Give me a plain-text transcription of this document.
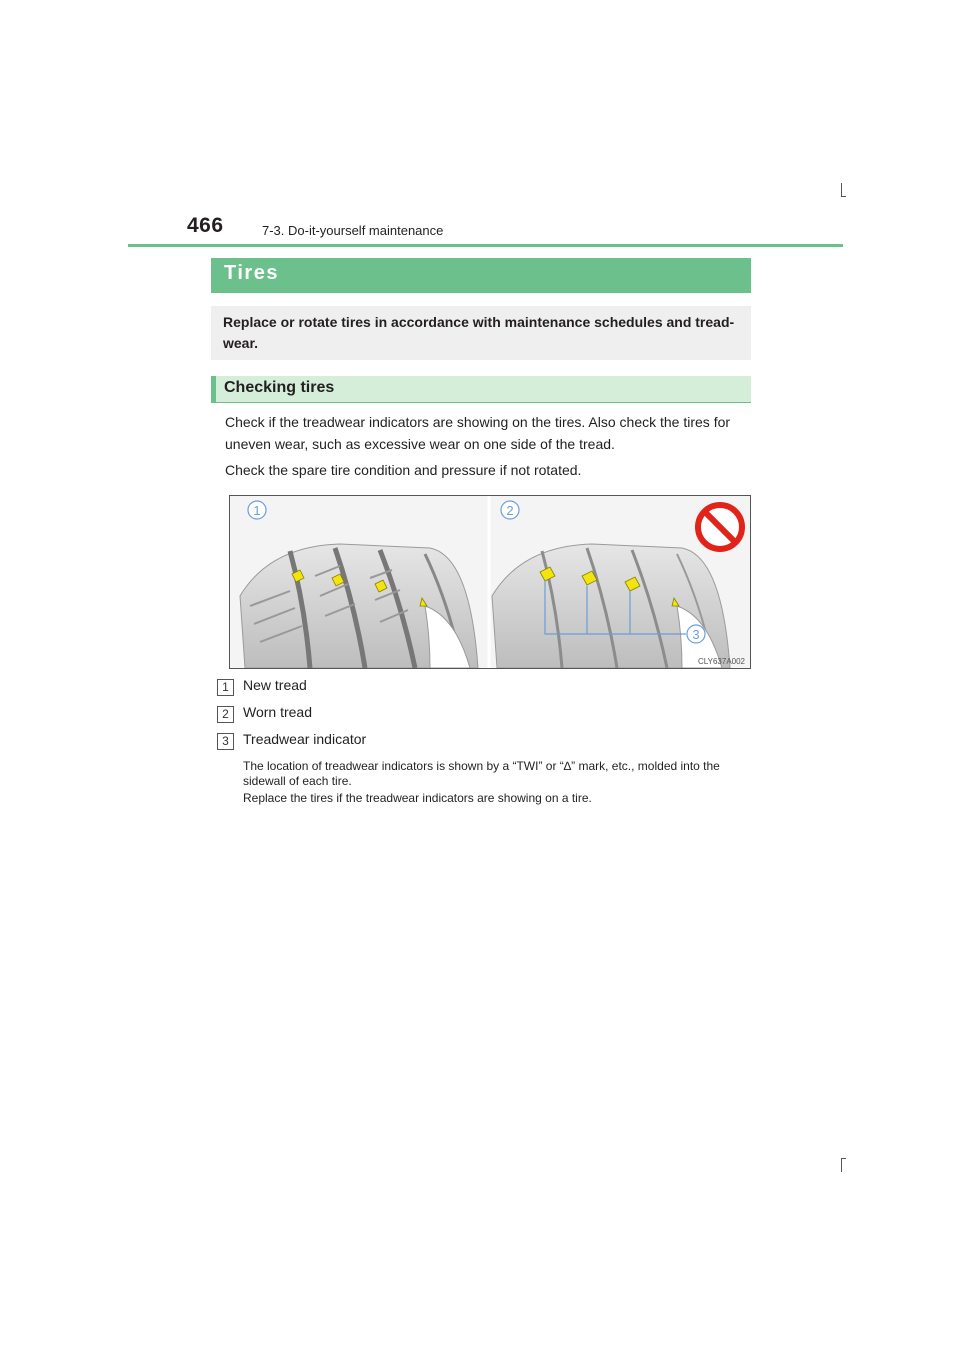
466	7-3. Do-it-yourself maintenance
Tires
Replace or rotate tires in accordance with maintenance schedules and tread-wear.
Checking tires
Check if the treadwear indicators are showing on the tires. Also check the tires for uneven wear, such as excessive wear on one side of the tread.
Check the spare tire condition and pressure if not rotated.
1	2
3
CLY637A002
1	New tread
2	Worn tread
3	Treadwear indicator
The location of treadwear indicators is shown by a “TWI” or “∆” mark, etc., molded into the sidewall of each tire.
Replace the tires if the treadwear indicators are showing on a tire.
